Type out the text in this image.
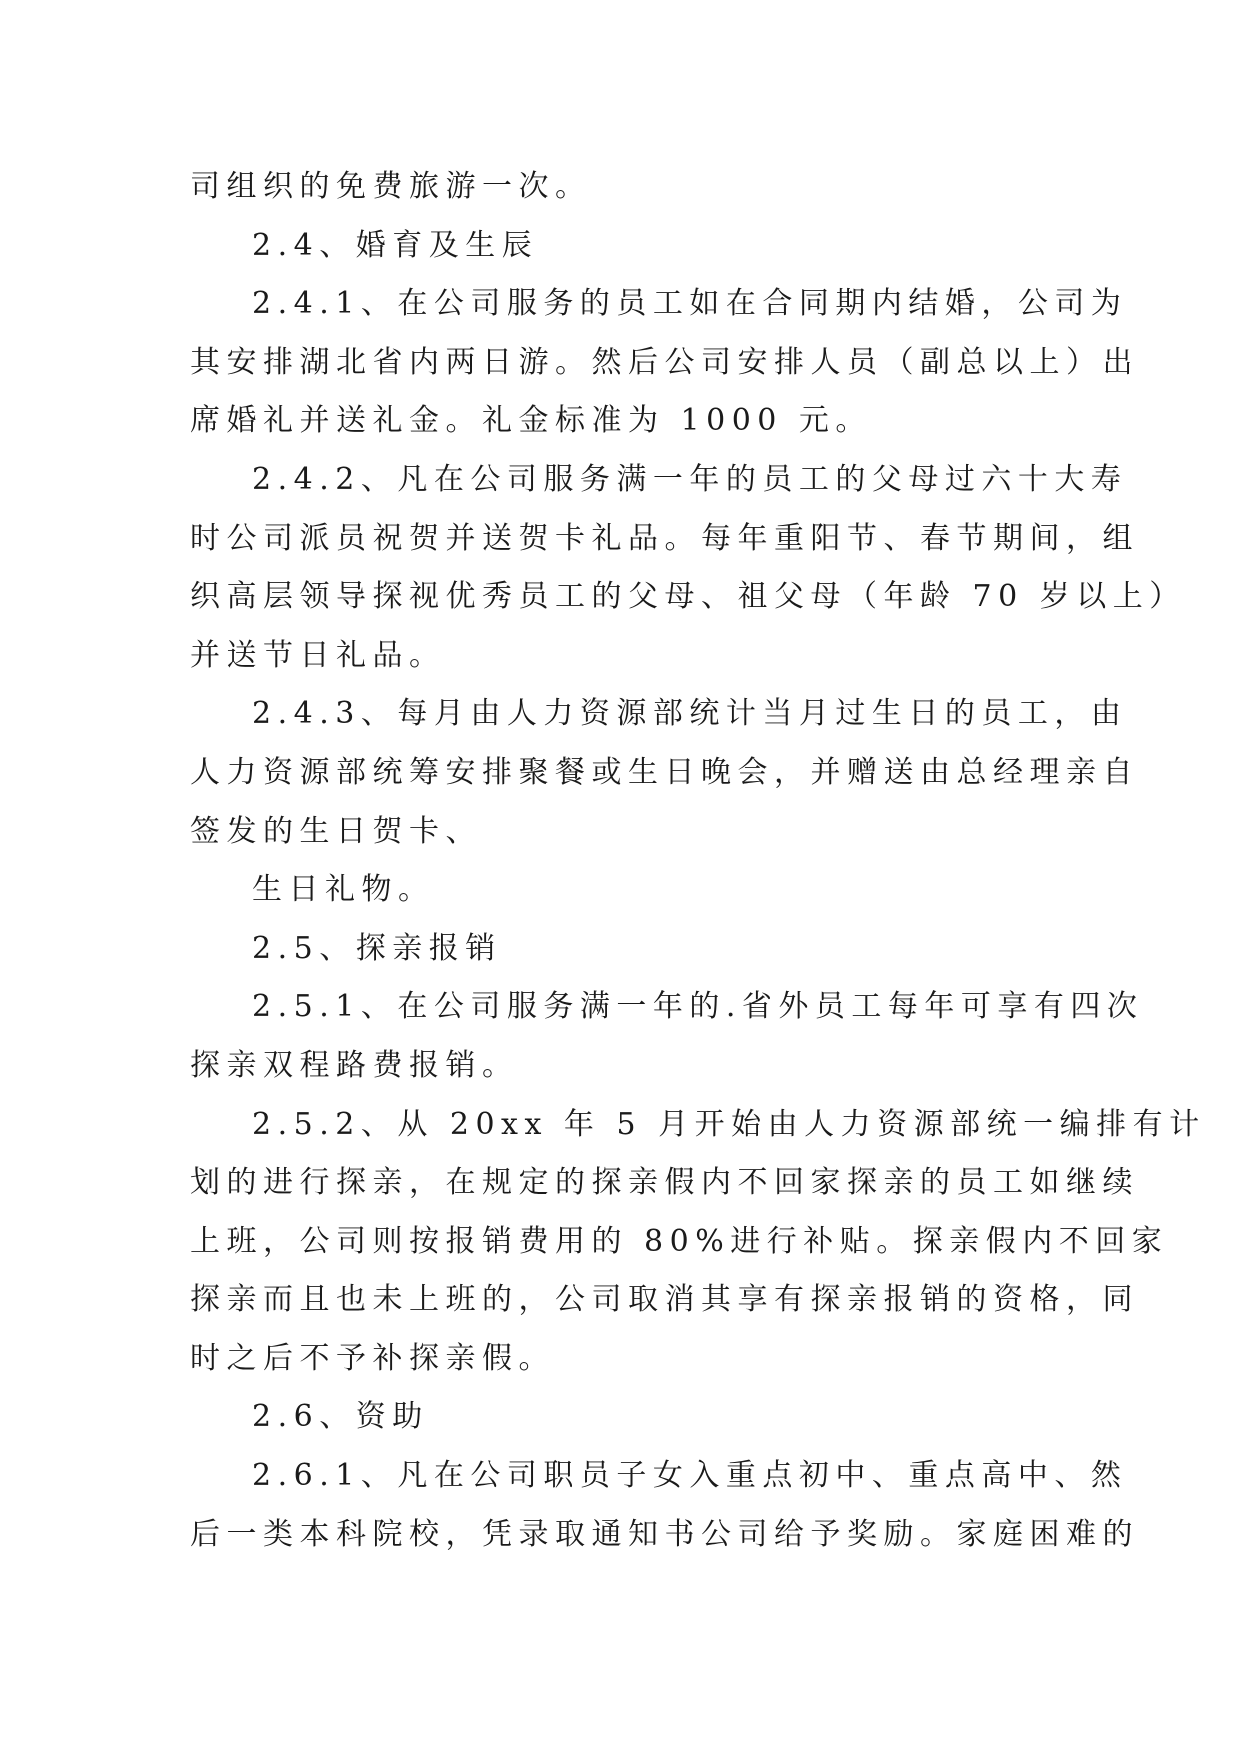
司组织的免费旅游一次。
2.4、婚育及生辰
2.4.1、在公司服务的员工如在合同期内结婚，公司为
其安排湖北省内两日游。然后公司安排人员（副总以上）出
席婚礼并送礼金。礼金标准为 1000 元。
2.4.2、凡在公司服务满一年的员工的父母过六十大寿
时公司派员祝贺并送贺卡礼品。每年重阳节、春节期间，组
织高层领导探视优秀员工的父母、祖父母（年龄 70 岁以上）
并送节日礼品。
2.4.3、每月由人力资源部统计当月过生日的员工，由
人力资源部统筹安排聚餐或生日晚会，并赠送由总经理亲自
签发的生日贺卡、
生日礼物。
2.5、探亲报销
2.5.1、在公司服务满一年的.省外员工每年可享有四次
探亲双程路费报销。
2.5.2、从 20xx 年 5 月开始由人力资源部统一编排有计
划的进行探亲，在规定的探亲假内不回家探亲的员工如继续
上班，公司则按报销费用的 80%进行补贴。探亲假内不回家
探亲而且也未上班的，公司取消其享有探亲报销的资格，同
时之后不予补探亲假。
2.6、资助
2.6.1、凡在公司职员子女入重点初中、重点高中、然
后一类本科院校，凭录取通知书公司给予奖励。家庭困难的
